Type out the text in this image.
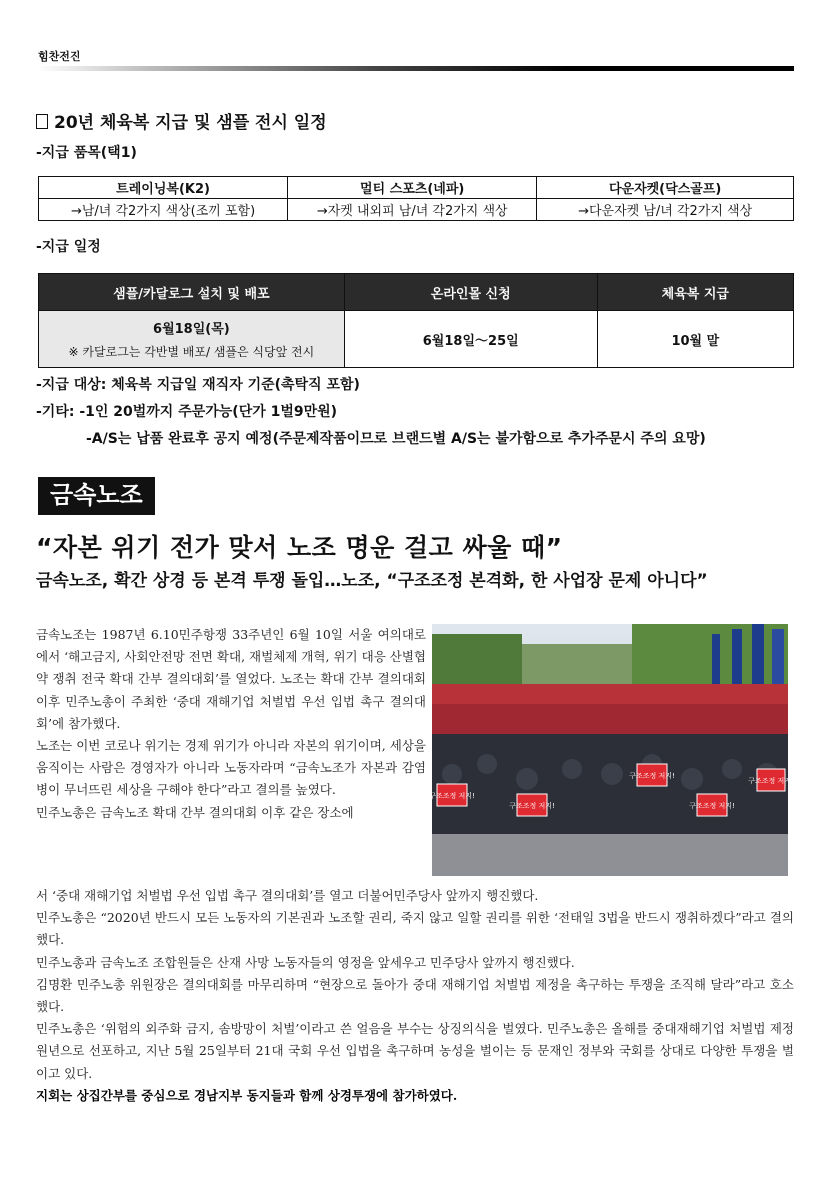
힘찬전진
20년 체육복 지급 및 샘플 전시 일정
-지급 품목(택1)
트레이닝복(K2)	멀티 스포츠(네파)	다운자켓(닥스골프)
→남/녀 각2가지 색상(조끼 포함)	→자켓 내외피 남/녀 각2가지 색상	→다운자켓 남/녀 각2가지 색상
-지급 일정
샘플/카달로그 설치 및 배포	온라인몰 신청	체육복 지급

6월18일(목)
※ 카달로그는 각반별 배포/ 샘플은 식당앞 전시	6월18일～25일	10월 말
-지급 대상: 체육복 지급일 재직자 기준(촉탁직 포함)
-기타: -1인 20벌까지 주문가능(단가 1벌9만원)
-A/S는 납품 완료후 공지 예정(주문제작품이므로 브랜드별 A/S는 불가함으로 추가주문시 주의 요망)
금속노조
“자본 위기 전가 맞서 노조 명운 걸고 싸울 때”
금속노조, 확간 상경 등 본격 투쟁 돌입…노조, “구조조정 본격화, 한 사업장 문제 아니다”

금속노조는 1987년 6.10민주항쟁 33주년인 6월 10일 서울 여의대로에서 ‘해고금지, 사회안전망 전면 확대, 재벌체제 개혁, 위기 대응 산별협약 쟁취 전국 확대 간부 결의대회’를 열었다. 노조는 확대 간부 결의대회 이후 민주노총이 주최한 ‘중대 재해기업 처벌법 우선 입법 촉구 결의대회’에 참가했다.

노조는 이번 코로나 위기는 경제 위기가 아니라 자본의 위기이며, 세상을 움직이는 사람은 경영자가 아니라 노동자라며 “금속노조가 자본과 감염병이 무너뜨린 세상을 구해야 한다”라고 결의를 높였다.

민주노총은 금속노조 확대 간부 결의대회 이후 같은 장소에

구조조정 저지!
구조조정 저지!
구조조정 저지!
구조조정 저지!
구조조정 저지!

서 ‘중대 재해기업 처벌법 우선 입법 촉구 결의대회’를 열고 더불어민주당사 앞까지 행진했다.

민주노총은 “2020년 반드시 모든 노동자의 기본권과 노조할 권리, 죽지 않고 일할 권리를 위한 ‘전태일 3법을 반드시 쟁취하겠다”라고 결의했다.

민주노총과 금속노조 조합원들은 산재 사망 노동자들의 영정을 앞세우고 민주당사 앞까지 행진했다.

김명환 민주노총 위원장은 결의대회를 마무리하며 “현장으로 돌아가 중대 재해기업 처벌법 제정을 촉구하는 투쟁을 조직해 달라”라고 호소했다.

민주노총은 ‘위험의 외주화 금지, 솜방망이 처벌’이라고 쓴 얼음을 부수는 상징의식을 벌였다. 민주노총은 올해를 중대재해기업 처벌법 제정 원년으로 선포하고, 지난 5월 25일부터 21대 국회 우선 입법을 촉구하며 농성을 벌이는 등 문재인 정부와 국회를 상대로 다양한 투쟁을 벌이고 있다.

지회는 상집간부를 중심으로 경남지부 동지들과 함께 상경투쟁에 참가하였다.
